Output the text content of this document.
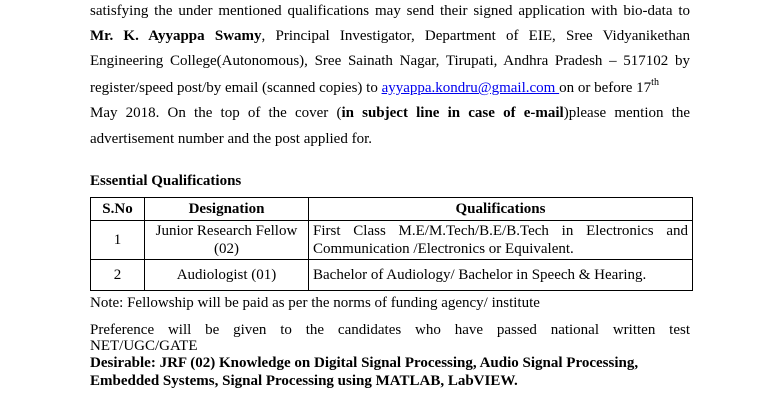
satisfying the under mentioned qualifications may send their signed application with bio-data to
Mr. K. Ayyappa Swamy, Principal Investigator, Department of EIE, Sree Vidyanikethan
Engineering College(Autonomous), Sree Sainath Nagar, Tirupati, Andhra Pradesh – 517102 by
register/speed post/by email (scanned copies) to ayyappa.kondru@gmail.com on or before 17th
May 2018. On the top of the cover (in subject line in case of e-mail)please mention the
advertisement number and the post applied for.
Essential Qualifications
S.No	Designation	Qualifications
1	Junior Research Fellow (02)	First Class M.E/M.Tech/B.E/B.Tech in Electronics and Communication /Electronics or Equivalent.
2	Audiologist (01)	Bachelor of Audiology/ Bachelor in Speech & Hearing.
Note: Fellowship will be paid as per the norms of funding agency/ institute
Preference will be given to the candidates who have passed national written test
NET/UGC/GATE
Desirable: JRF (02) Knowledge on Digital Signal Processing, Audio Signal Processing,
Embedded Systems, Signal Processing using MATLAB, LabVIEW.
